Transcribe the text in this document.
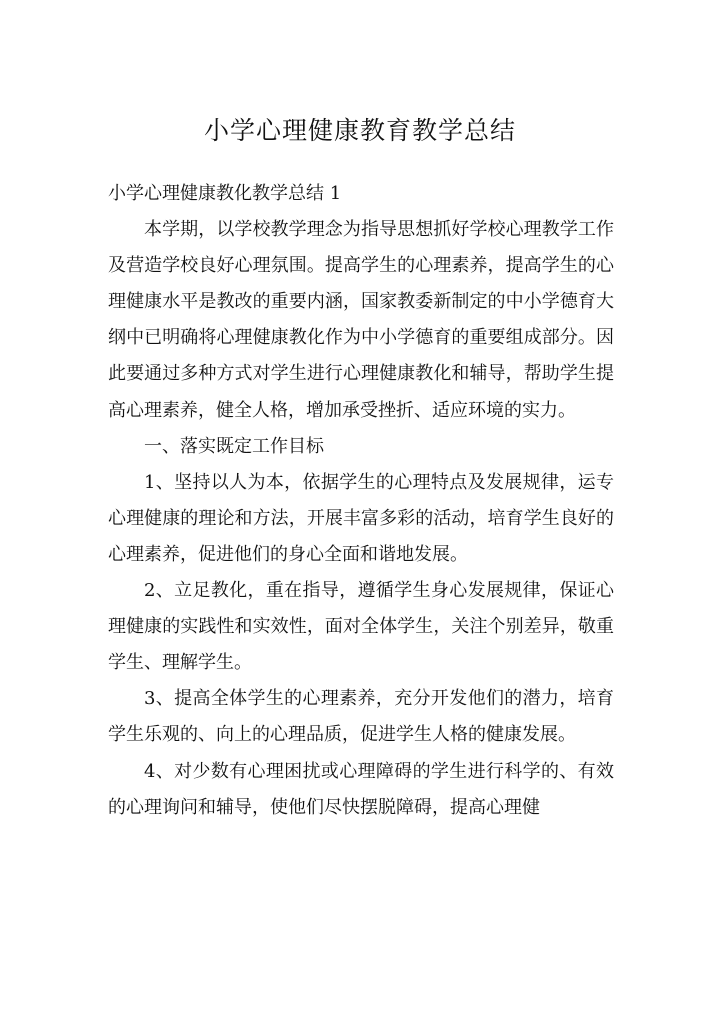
小学心理健康教育教学总结

小学心理健康教化教学总结 1

本学期，以学校教学理念为指导思想抓好学校心理教学工作及营造学校良好心理氛围。提高学生的心理素养，提高学生的心理健康水平是教改的重要内涵，国家教委新制定的中小学德育大纲中已明确将心理健康教化作为中小学德育的重要组成部分。因此要通过多种方式对学生进行心理健康教化和辅导，帮助学生提高心理素养，健全人格，增加承受挫折、适应环境的实力。

一、落实既定工作目标

1、坚持以人为本，依据学生的心理特点及发展规律，运专心理健康的理论和方法，开展丰富多彩的活动，培育学生良好的心理素养，促进他们的身心全面和谐地发展。

2、立足教化，重在指导，遵循学生身心发展规律，保证心理健康的实践性和实效性，面对全体学生，关注个别差异，敬重学生、理解学生。

3、提高全体学生的心理素养，充分开发他们的潜力，培育学生乐观的、向上的心理品质，促进学生人格的健康发展。

4、对少数有心理困扰或心理障碍的学生进行科学的、有效的心理询问和辅导，使他们尽快摆脱障碍，提高心理健
